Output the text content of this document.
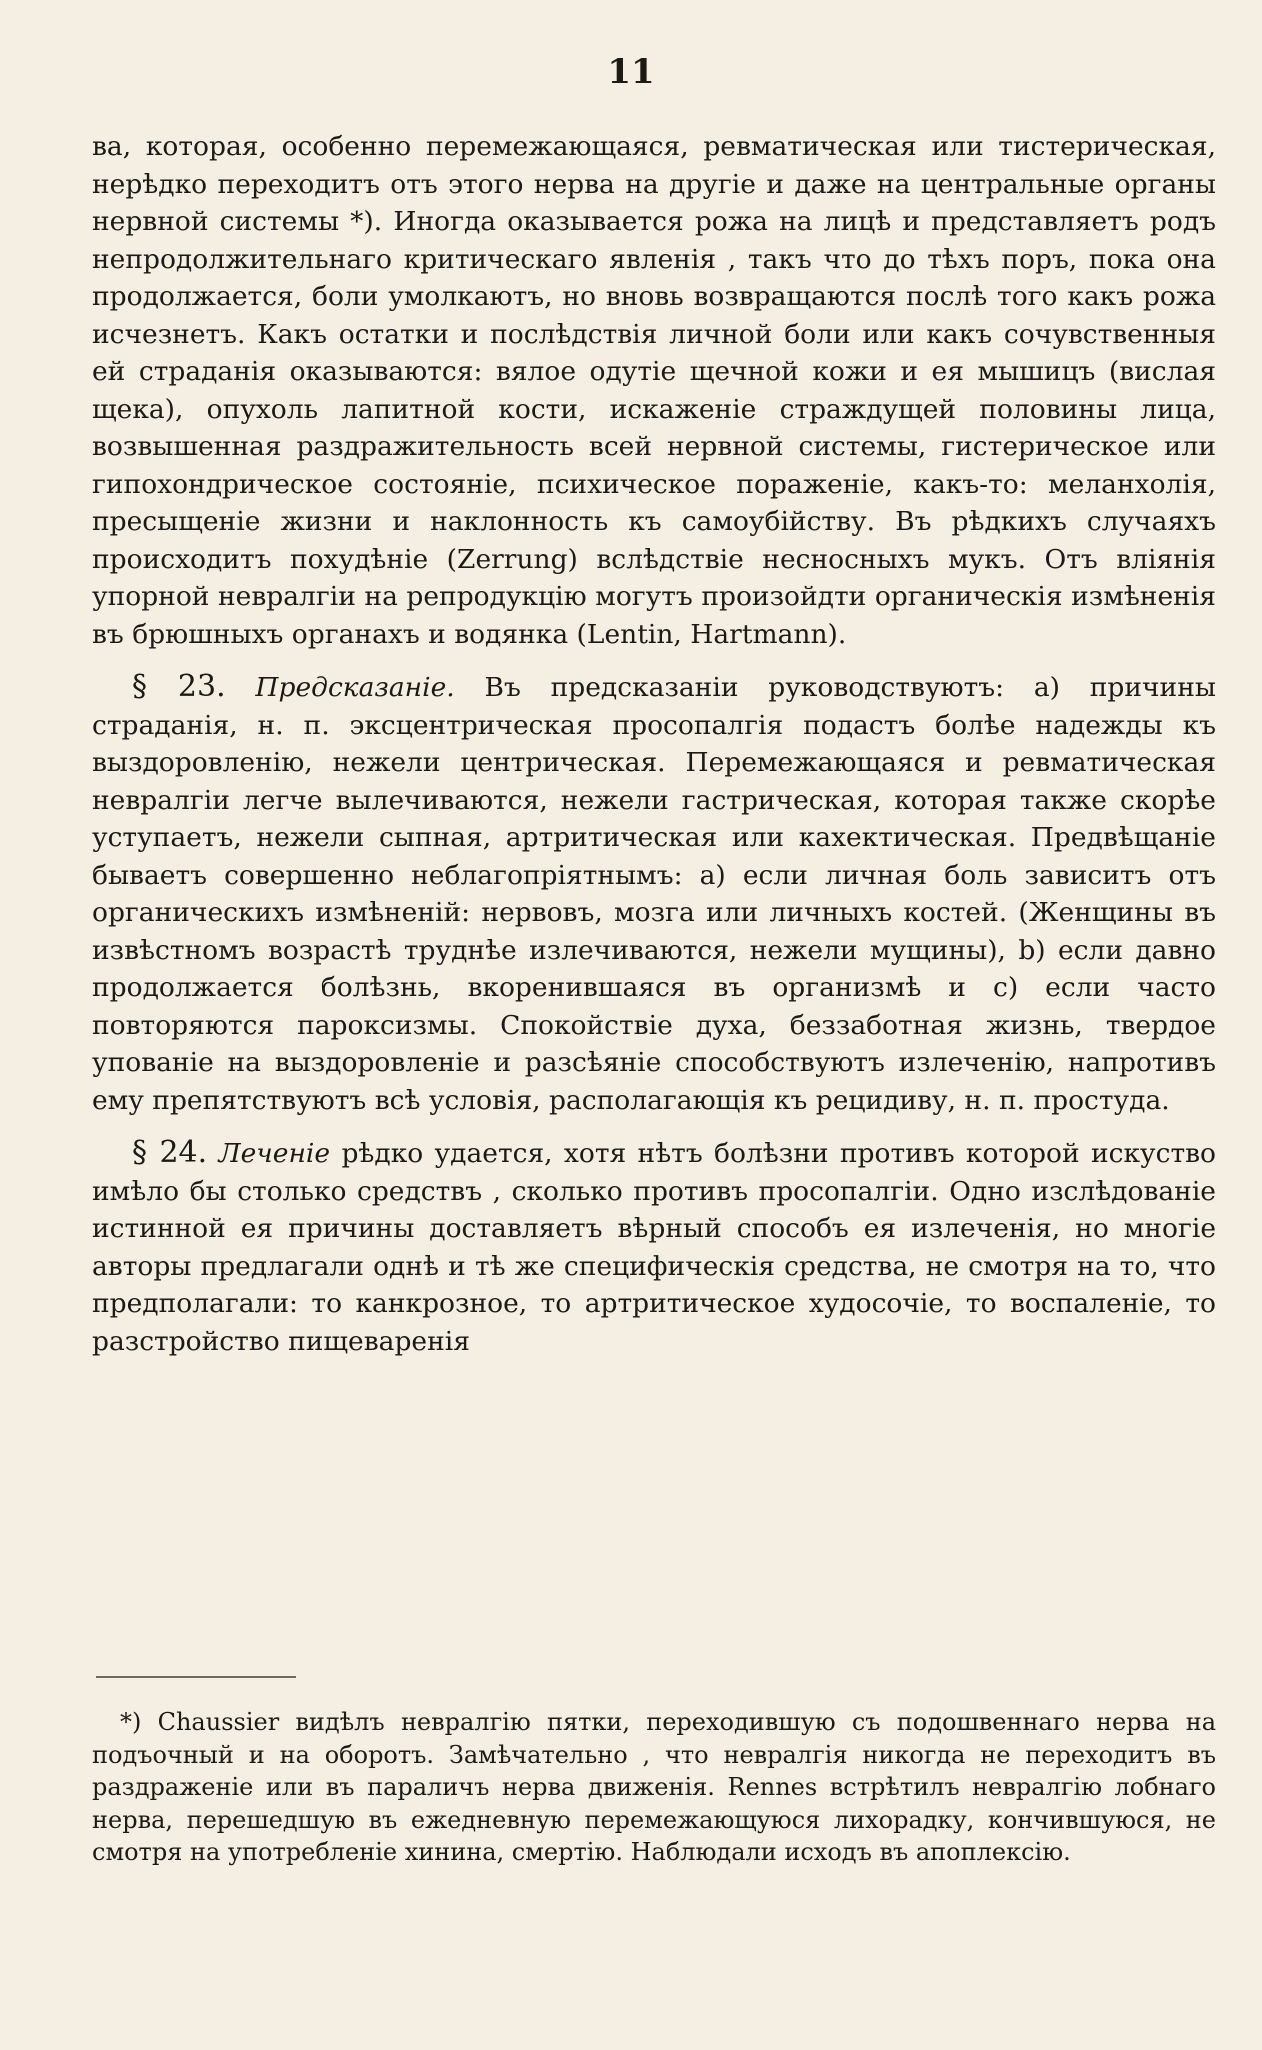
11

ва, которая, особенно перемежающаяся, ревматическая или тистерическая, нерѣдко переходитъ отъ этого нерва на другіе и даже на центральные органы нервной системы *). Иногда оказывается рожа на лицѣ и представляетъ родъ непродолжительнаго критическаго явленія , такъ что до тѣхъ поръ, пока она продолжается, боли умолкаютъ, но вновь возвращаются послѣ того какъ рожа исчезнетъ. Какъ остатки и послѣдствія личной боли или какъ сочувственныя ей страданія оказываются: вялое одутіе щечной кожи и ея мышицъ (вислая щека), опухоль лапитной кости, искаженіе страждущей половины лица, возвышенная раздражительность всей нервной системы, гистерическое или гипохондрическое состояніе, психическое пораженіе, какъ-то: меланхолія, пресыщеніе жизни и наклонность къ самоубійству. Въ рѣдкихъ случаяхъ происходитъ похудѣніе (Zerrung) вслѣдствіе несносныхъ мукъ. Отъ вліянія упорной невралгіи на репродукцію могутъ произойдти органическія измѣненія въ брюшныхъ органахъ и водянка (Lentin, Hartmann).

§ 23. Предсказаніе. Въ предсказаніи руководствуютъ: а) причины страданія, н. п. эксцентрическая просопалгія подастъ болѣе надежды къ выздоровленію, нежели центрическая. Перемежающаяся и ревматическая невралгіи легче вылечиваются, нежели гастрическая, которая также скорѣе уступаетъ, нежели сыпная, артритическая или кахектическая. Предвѣщаніе бываетъ совершенно неблагопріятнымъ: а) если личная боль зависитъ отъ органическихъ измѣненій: нервовъ, мозга или личныхъ костей. (Женщины въ извѣстномъ возрастѣ труднѣе излечиваются, нежели мущины), b) если давно продолжается болѣзнь, вкоренившаяся въ организмѣ и с) если часто повторяются пароксизмы. Спокойствіе духа, беззаботная жизнь, твердое упованіе на выздоровленіе и разсѣяніе способствуютъ излеченію, напротивъ ему препятствуютъ всѣ условія, располагающія къ рецидиву, н. п. простуда.

§ 24. Леченіе рѣдко удается, хотя нѣтъ болѣзни противъ которой искуство имѣло бы столько средствъ , сколько противъ просопалгіи. Одно изслѣдованіе истинной ея причины доставляетъ вѣрный способъ ея излеченія, но многіе авторы предлагали однѣ и тѣ же специфическія средства, не смотря на то, что предполагали: то канкрозное, то артритическое худосочіе, то воспаленіе, то разстройство пищеваренія

*) Chaussier видѣлъ невралгію пятки, переходившую съ подошвеннаго нерва на подъочный и на оборотъ. Замѣчательно , что невралгія никогда не переходитъ въ раздраженіе или въ параличъ нерва движенія. Rennes встрѣтилъ невралгію лобнаго нерва, перешедшую въ ежедневную перемежающуюся лихорадку, кончившуюся, не смотря на употребленіе хинина, смертію. Наблюдали исходъ въ апоплексію.
